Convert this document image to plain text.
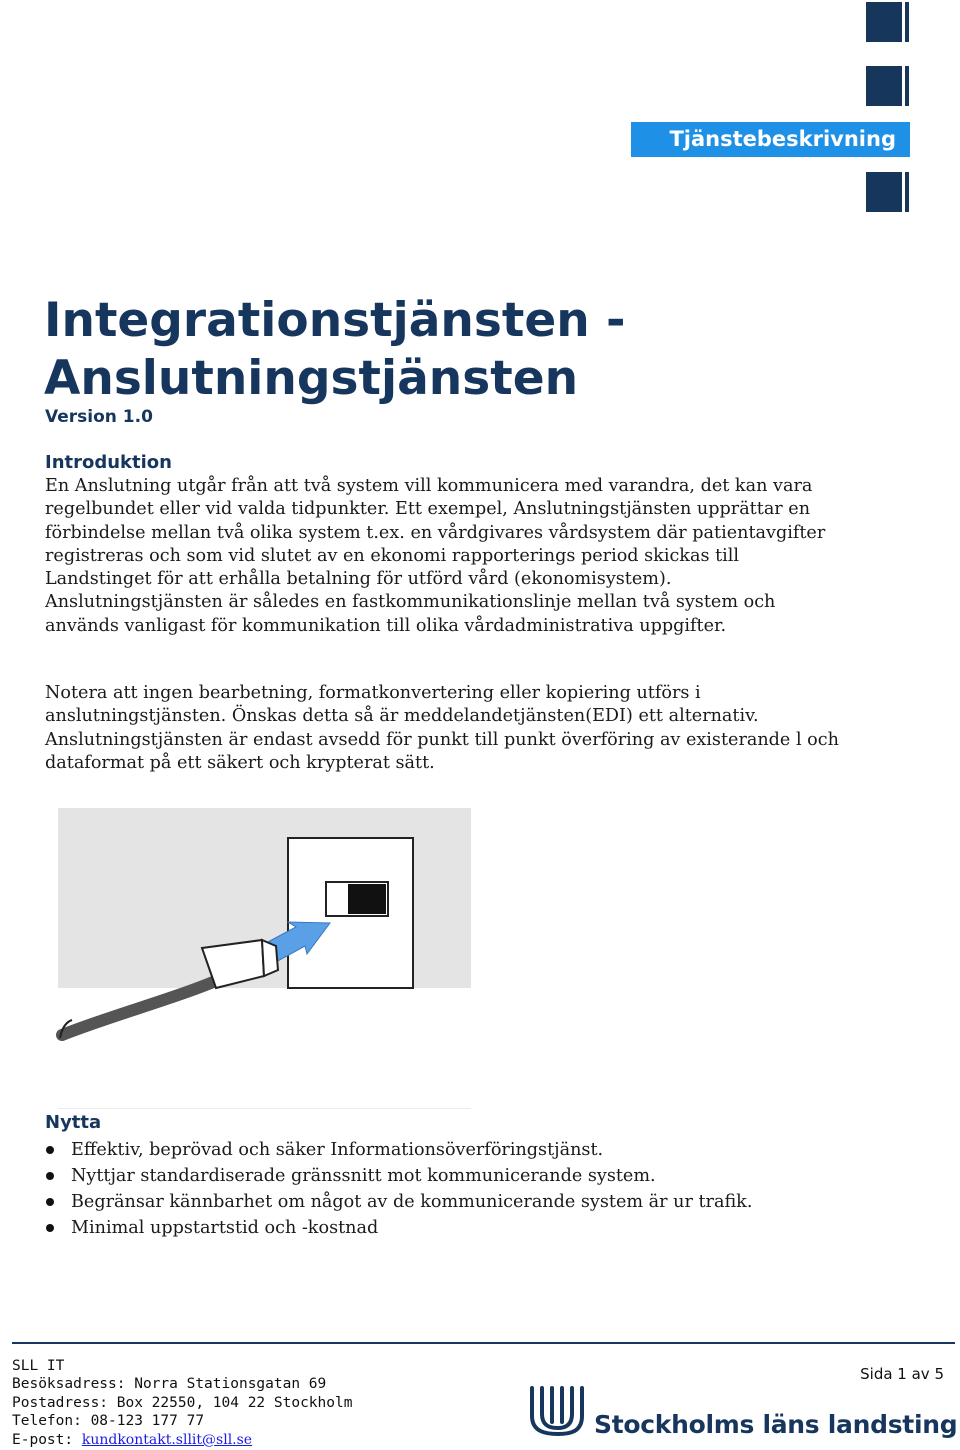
Tjänstebeskrivning
Integrationstjänsten - Anslutningstjänsten
Version 1.0
Introduktion

En Anslutning utgår från att två system vill kommunicera med varandra, det kan vara regelbundet eller vid valda tidpunkter. Ett exempel, Anslutningstjänsten upprättar en förbindelse mellan två olika system t.ex. en vårdgivares vårdsystem där patientavgifter registreras och som vid slutet av en ekonomi rapporterings period skickas till Landstinget för att erhålla betalning för utförd vård (ekonomisystem). Anslutningstjänsten är således en fastkommunikationslinje mellan två system och används vanligast för kommunikation till olika vårdadministrativa uppgifter.

Notera att ingen bearbetning, formatkonvertering eller kopiering utförs i anslutningstjänsten. Önskas detta så är meddelandetjänsten(EDI) ett alternativ. Anslutningstjänsten är endast avsedd för punkt till punkt överföring av existerande l och dataformat på ett säkert och krypterat sätt.

Nytta
Effektiv, beprövad och säker Informationsöverföringstjänst.
Nyttjar standardiserade gränssnitt mot kommunicerande system.
Begränsar kännbarhet om något av de kommunicerande system är ur trafik.
Minimal uppstartstid och -kostnad
SLL IT
Besöksadress: Norra Stationsgatan 69
Postadress: Box 22550, 104 22 Stockholm
Telefon: 08-123 177 77
E-post: kundkontakt.sllit@sll.se
Sida 1 av 5
Stockholms läns landsting
